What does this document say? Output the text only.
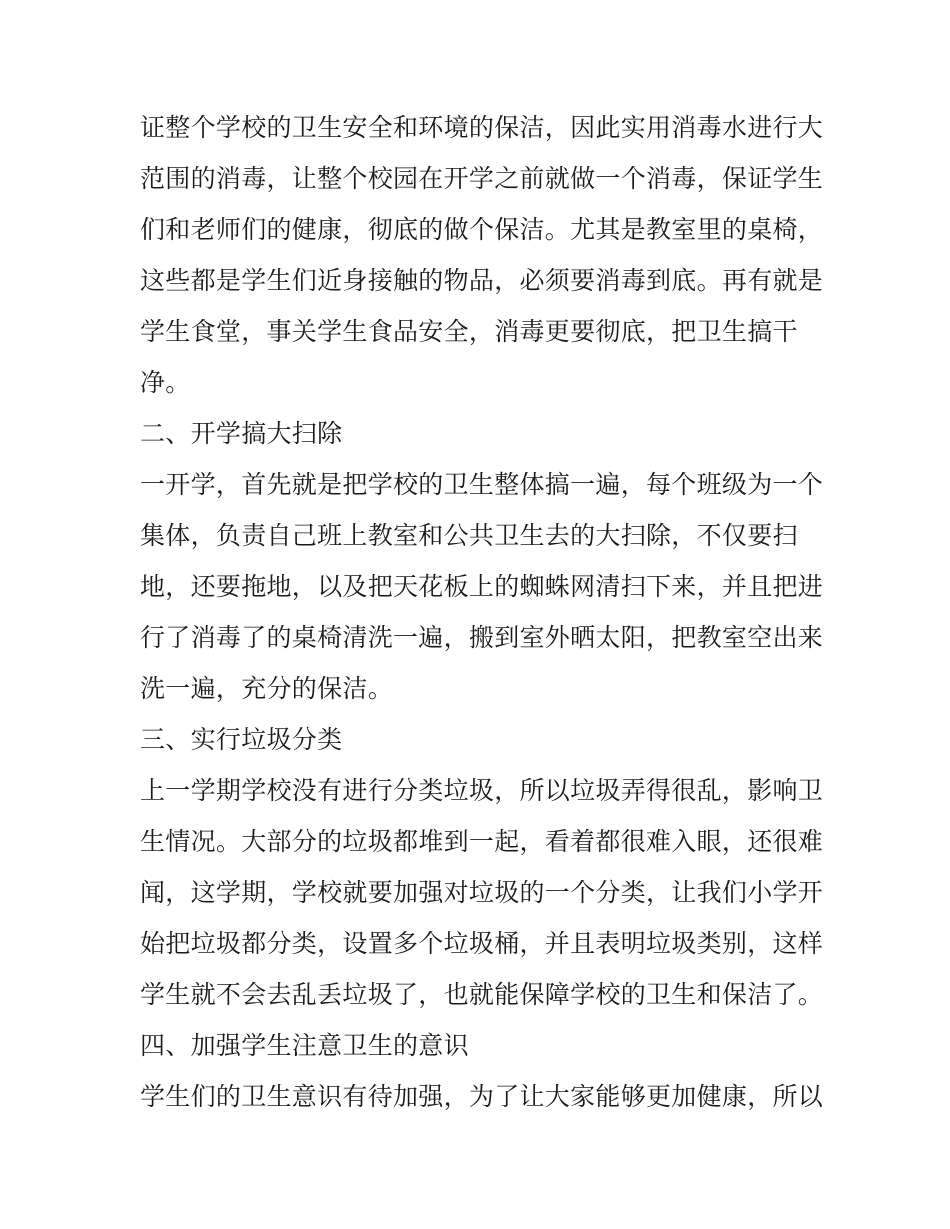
证整个学校的卫生安全和环境的保洁，因此实用消毒水进行大
范围的消毒，让整个校园在开学之前就做一个消毒，保证学生
们和老师们的健康，彻底的做个保洁。尤其是教室里的桌椅，
这些都是学生们近身接触的物品，必须要消毒到底。再有就是
学生食堂，事关学生食品安全，消毒更要彻底，把卫生搞干
净。
二、开学搞大扫除
一开学，首先就是把学校的卫生整体搞一遍，每个班级为一个
集体，负责自己班上教室和公共卫生去的大扫除，不仅要扫
地，还要拖地，以及把天花板上的蜘蛛网清扫下来，并且把进
行了消毒了的桌椅清洗一遍，搬到室外晒太阳，把教室空出来
洗一遍，充分的保洁。
三、实行垃圾分类
上一学期学校没有进行分类垃圾，所以垃圾弄得很乱，影响卫
生情况。大部分的垃圾都堆到一起，看着都很难入眼，还很难
闻，这学期，学校就要加强对垃圾的一个分类，让我们小学开
始把垃圾都分类，设置多个垃圾桶，并且表明垃圾类别，这样
学生就不会去乱丢垃圾了，也就能保障学校的卫生和保洁了。
四、加强学生注意卫生的意识
学生们的卫生意识有待加强，为了让大家能够更加健康，所以
